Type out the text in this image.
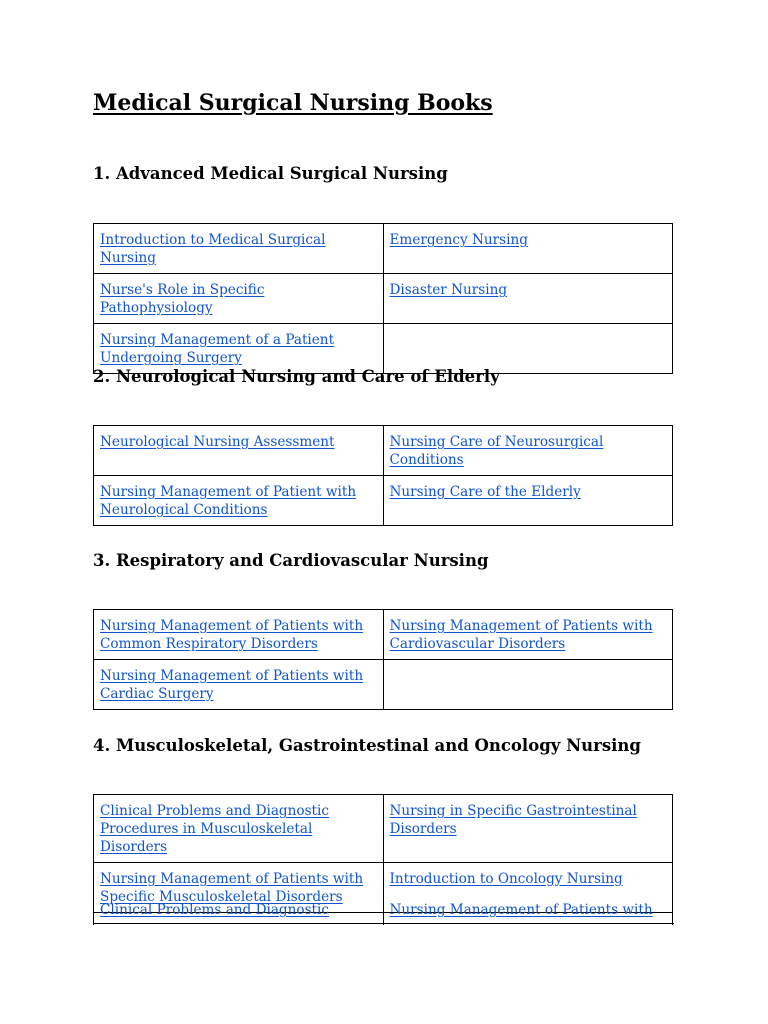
Medical Surgical Nursing Books
1. Advanced Medical Surgical Nursing
Introduction to Medical Surgical Nursing	Emergency Nursing
Nurse's Role in Specific Pathophysiology	Disaster Nursing
Nursing Management of a Patient Undergoing Surgery	
2. Neurological Nursing and Care of Elderly
Neurological Nursing Assessment	Nursing Care of Neurosurgical Conditions
Nursing Management of Patient with Neurological Conditions	Nursing Care of the Elderly
3. Respiratory and Cardiovascular Nursing
Nursing Management of Patients with Common Respiratory Disorders	Nursing Management of Patients with Cardiovascular Disorders
Nursing Management of Patients with Cardiac Surgery	
4. Musculoskeletal, Gastrointestinal and Oncology Nursing
Clinical Problems and Diagnostic Procedures in Musculoskeletal Disorders	Nursing in Specific Gastrointestinal Disorders
Nursing Management of Patients with Specific Musculoskeletal Disorders	Introduction to Oncology Nursing
Clinical Problems and Diagnostic	Nursing Management of Patients with
